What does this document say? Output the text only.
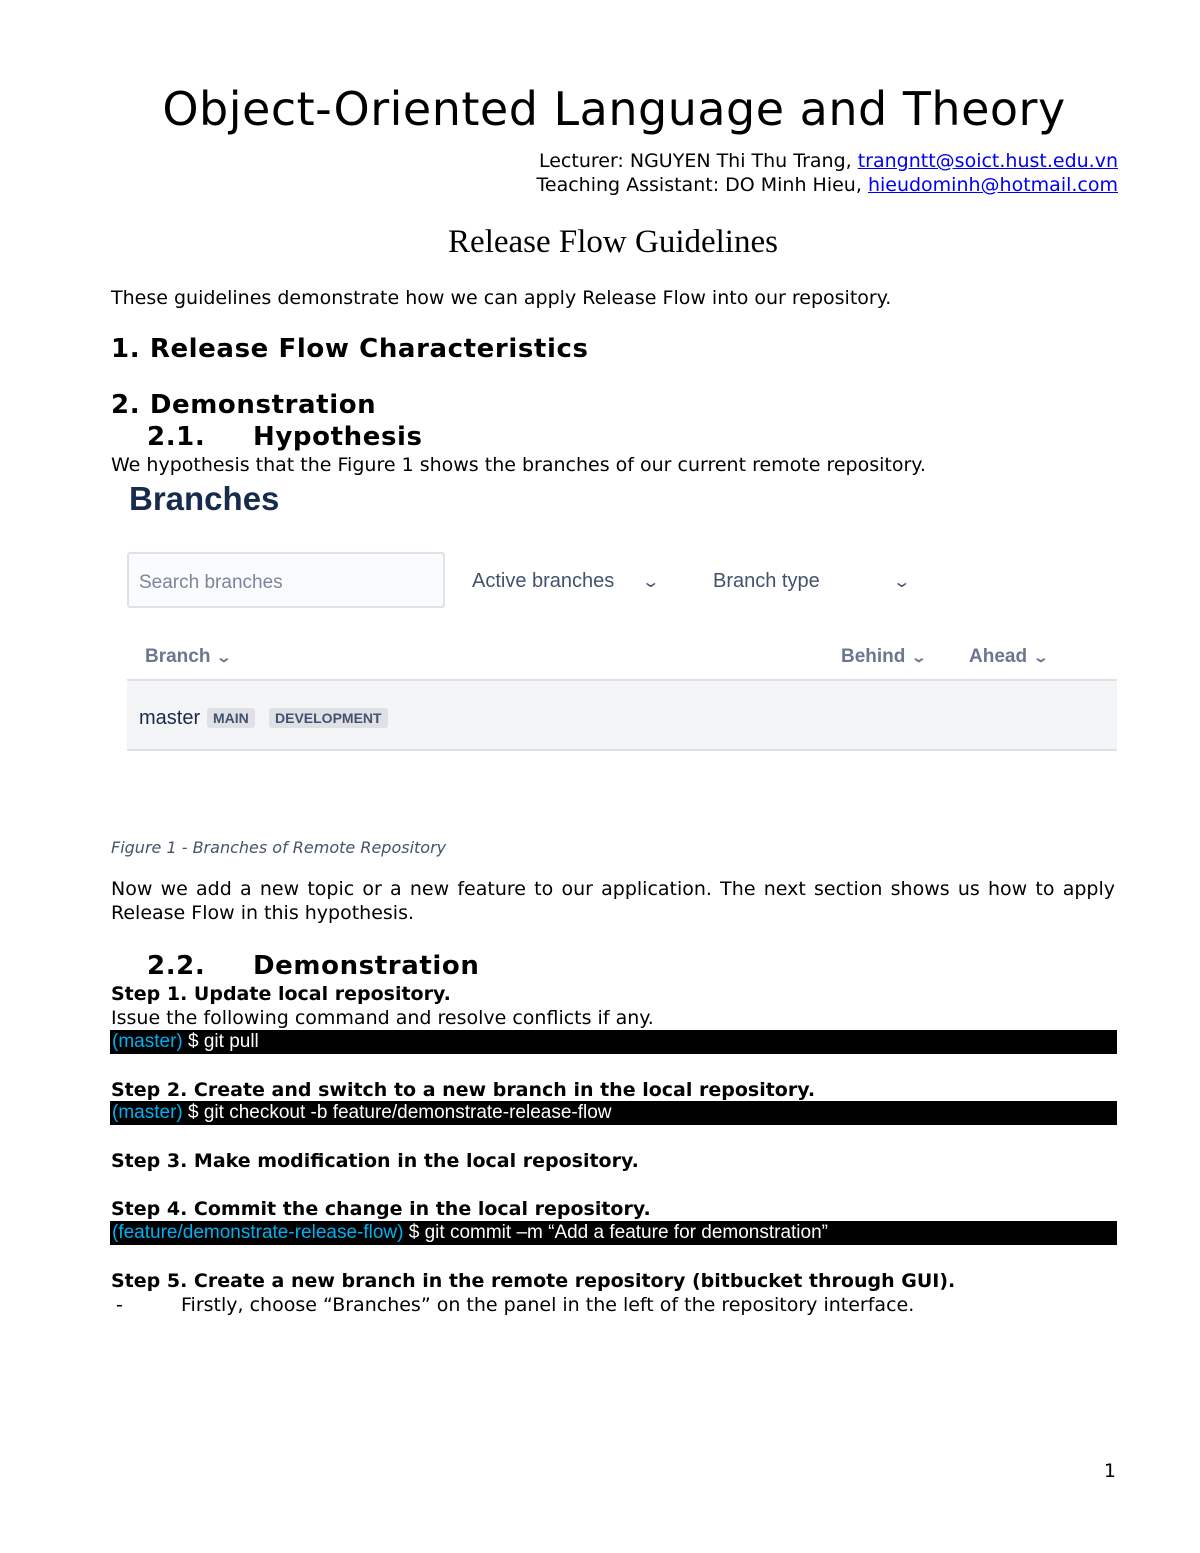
Object-Oriented Language and Theory
Lecturer: NGUYEN Thi Thu Trang, trangntt@soict.hust.edu.vn
Teaching Assistant: DO Minh Hieu, hieudominh@hotmail.com
Release Flow Guidelines
These guidelines demonstrate how we can apply Release Flow into our repository.
1. Release Flow Characteristics
2. Demonstration
2.1. Hypothesis
We hypothesis that the Figure 1 shows the branches of our current remote repository.
Branches
Search branches	Active branches ⌄	Branch type	⌄
Branch ⌄	Behind ⌄ Ahead ⌄
master MAIN	DEVELOPMENT
Figure 1 - Branches of Remote Repository
Now we add a new topic or a new feature to our application. The next section shows us how to apply Release Flow in this hypothesis.
2.2. Demonstration
Step 1. Update local repository.
Issue the following command and resolve conflicts if any.
(master) $ git pull
Step 2. Create and switch to a new branch in the local repository.
(master) $ git checkout -b feature/demonstrate-release-flow
Step 3. Make modification in the local repository.
Step 4. Commit the change in the local repository.
(feature/demonstrate-release-flow) $ git commit –m “Add a feature for demonstration”
Step 5. Create a new branch in the remote repository (bitbucket through GUI).
-	Firstly, choose “Branches” on the panel in the left of the repository interface.
1
